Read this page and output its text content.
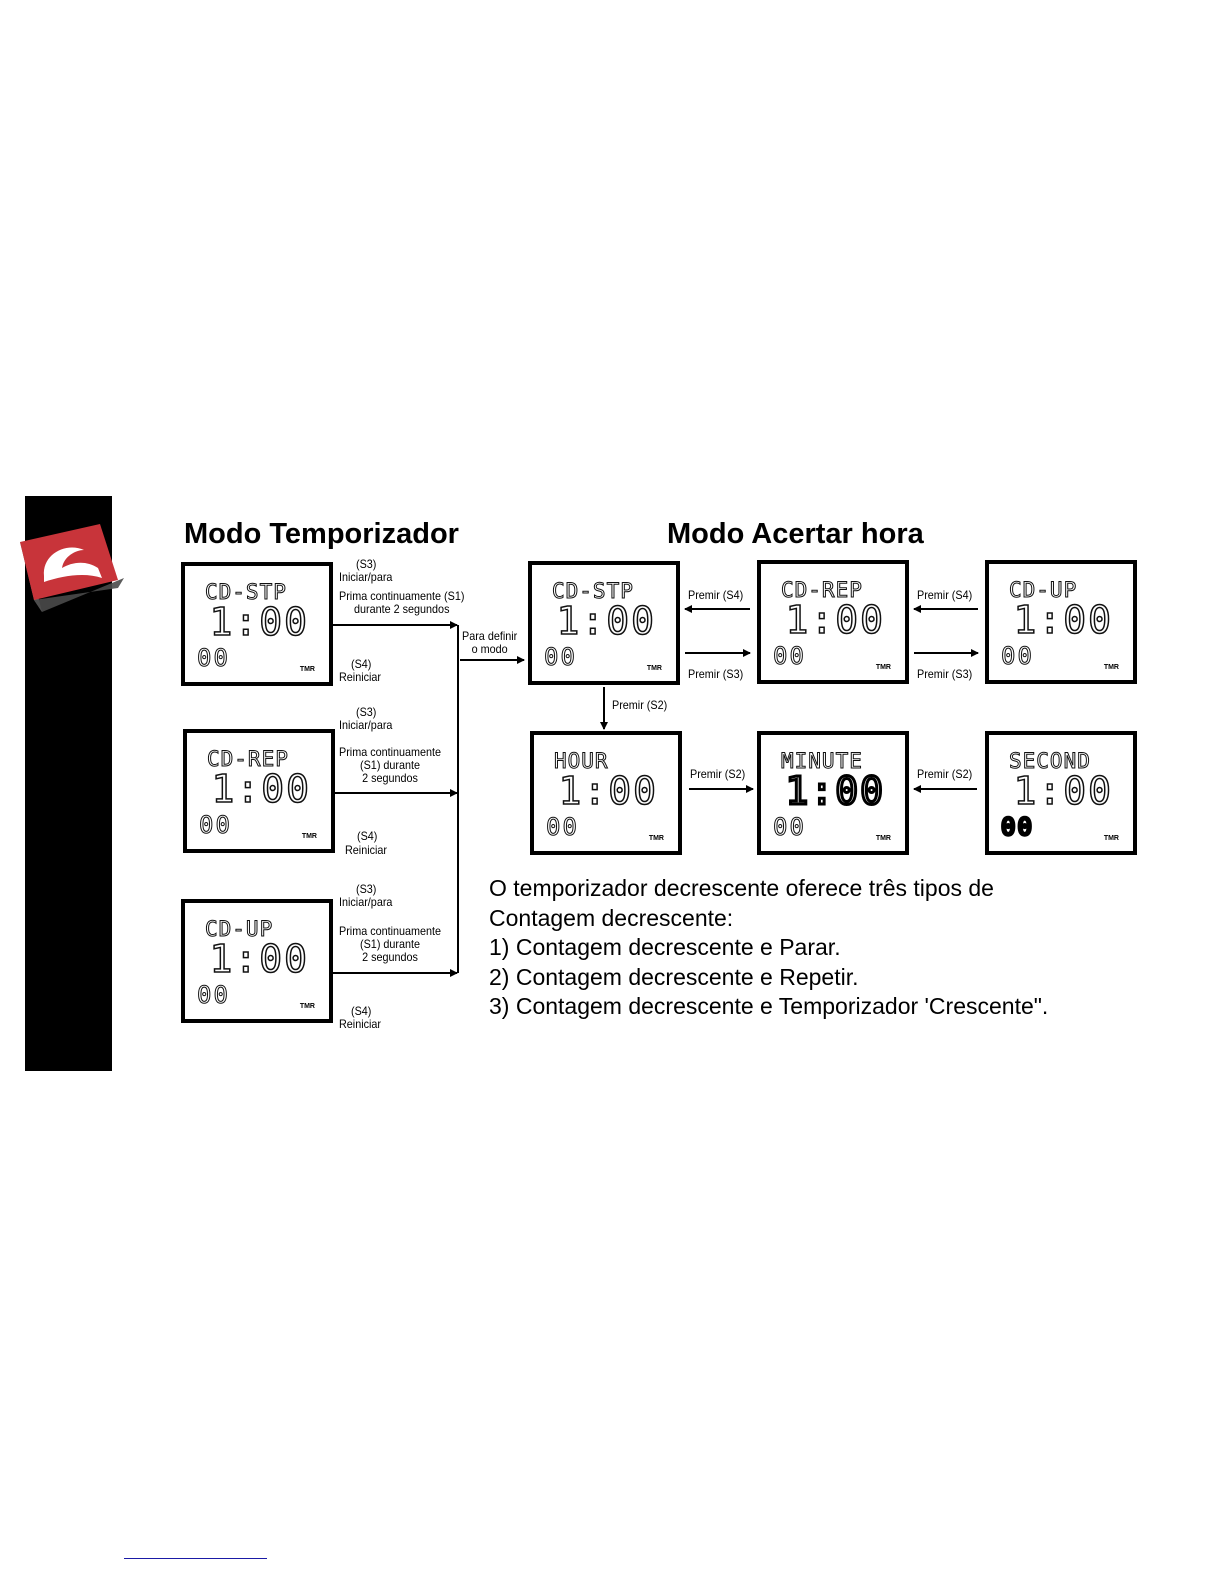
Modo Temporizador	Modo Acertar hora
CD-STP
1:00
00	TMR
CD-REP
1:00
00	TMR
CD-UP
1:00
00	TMR
CD-STP
1:00
00	TMR
CD-REP
1:00
00	TMR
CD-UP
1:00
00	TMR
HOUR
1:00
00	TMR
MINUTE
1:00
00	TMR
SECOND
1:00
00	TMR
(S3)
Iniciar/para
Prima continuamente (S1)
durante 2 segundos
(S4)
Reiniciar
(S3)
Iniciar/para
Prima continuamente
(S1) durante
2 segundos
(S4)
Reiniciar
(S3)
Iniciar/para
Prima continuamente
(S1) durante
2 segundos
(S4)
Reiniciar
Para definir
o modo
Premir (S4)
Premir (S3)
Premir (S4)
Premir (S3)
Premir (S2)
Premir (S2)	Premir (S2)
O temporizador decrescente oferece três tipos de
Contagem decrescente:
1) Contagem decrescente e Parar.
2) Contagem decrescente e Repetir.
3) Contagem decrescente e Temporizador 'Crescente".
